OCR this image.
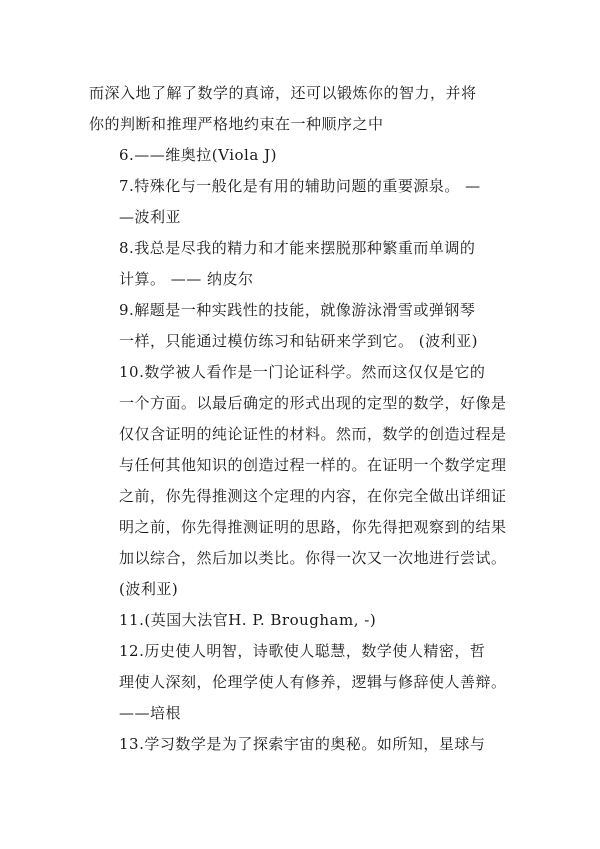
而深入地了解了数学的真谛，还可以锻炼你的智力，并将
你的判断和推理严格地约束在一种顺序之中

6.——维奥拉(Viola J)

7.特殊化与一般化是有用的辅助问题的重要源泉。 —
—波利亚

8.我总是尽我的精力和才能来摆脱那种繁重而单调的
计算。 —— 纳皮尔

9.解题是一种实践性的技能，就像游泳滑雪或弹钢琴
一样，只能通过模仿练习和钻研来学到它。 (波利亚)

10.数学被人看作是一门论证科学。然而这仅仅是它的
一个方面。以最后确定的形式出现的定型的数学，好像是
仅仅含证明的纯论证性的材料。然而，数学的创造过程是
与任何其他知识的创造过程一样的。在证明一个数学定理
之前，你先得推测这个定理的内容，在你完全做出详细证
明之前，你先得推测证明的思路，你先得把观察到的结果
加以综合，然后加以类比。你得一次又一次地进行尝试。
(波利亚)

11.(英国大法官H. P. Brougham, -)

12.历史使人明智，诗歌使人聪慧，数学使人精密，哲
理使人深刻，伦理学使人有修养，逻辑与修辞使人善辩。
——培根

13.学习数学是为了探索宇宙的奥秘。如所知，星球与
